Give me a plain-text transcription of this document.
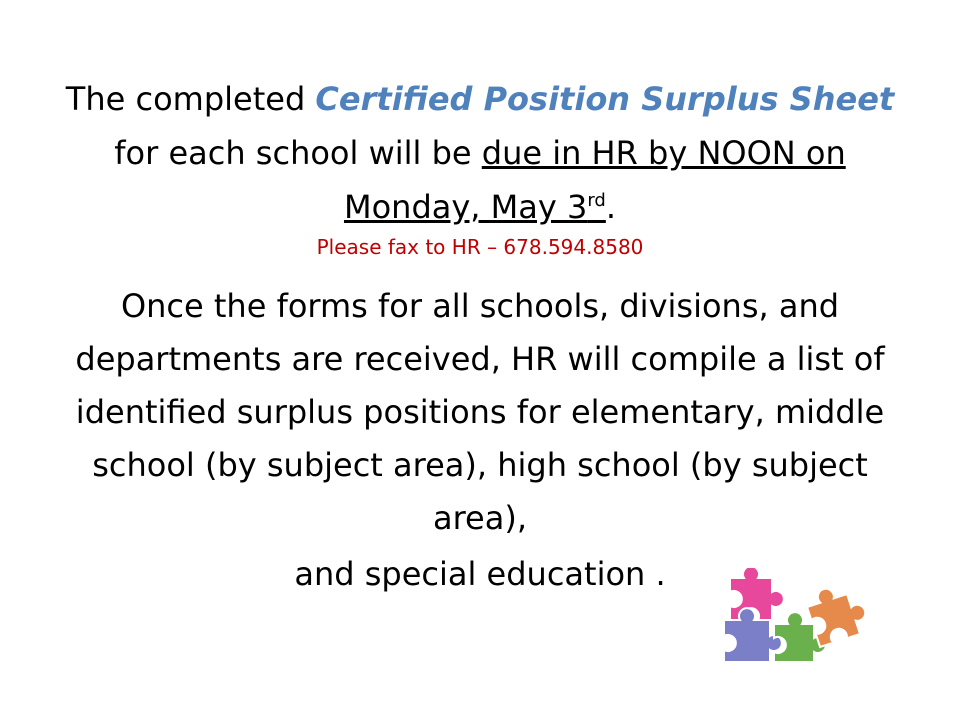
The completed Certified Position Surplus Sheet for each school will be due in HR by NOON on Monday, May 3rd.

Please fax to HR – 678.594.8580

Once the forms for all schools, divisions, and departments are received, HR will compile a list of identified surplus positions for elementary, middle school (by subject area), high school (by subject area),

and special education .
